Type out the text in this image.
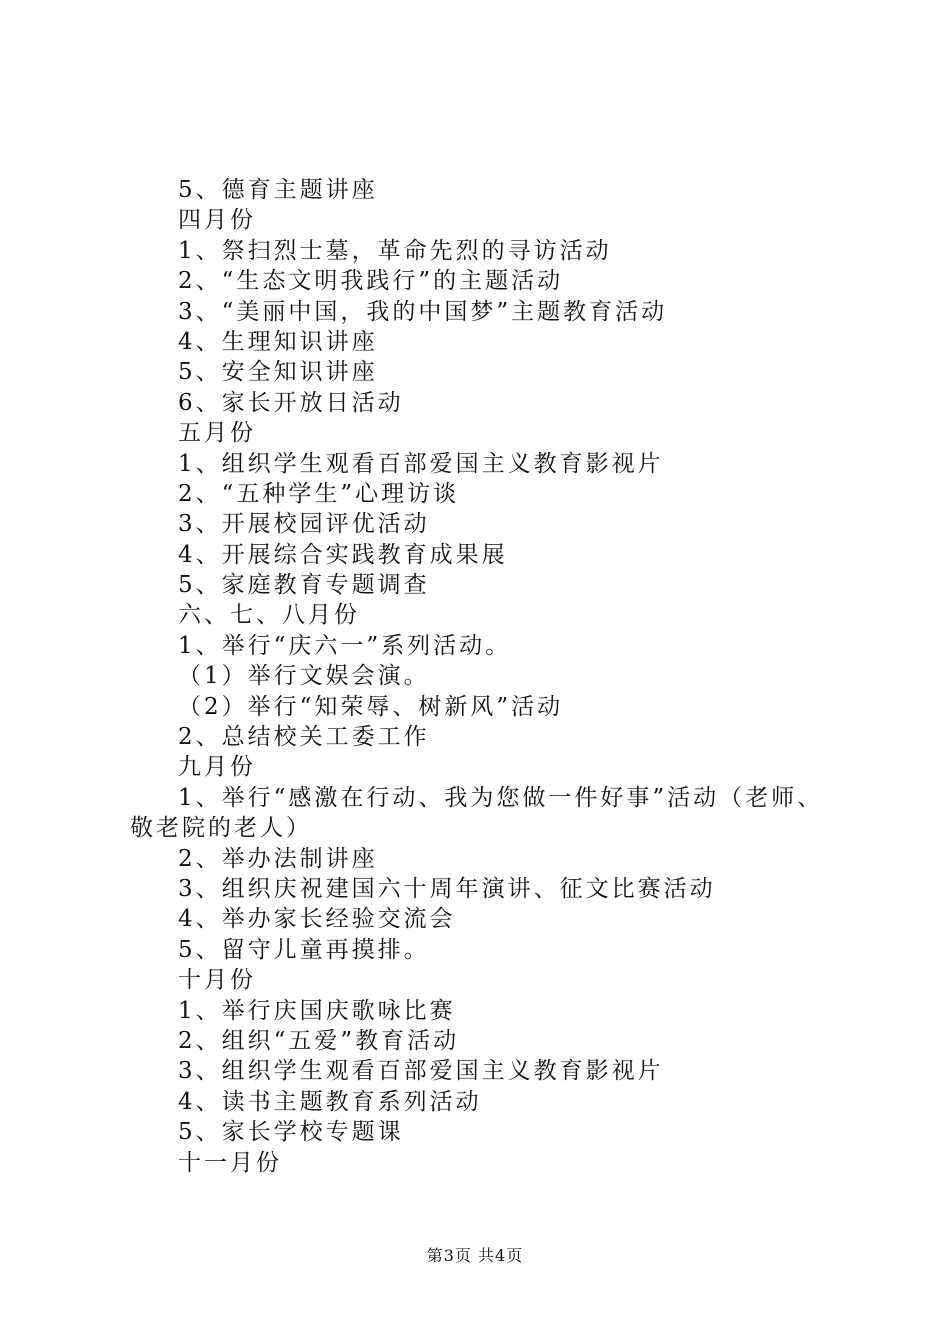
5、德育主题讲座
四月份
1、祭扫烈士墓，革命先烈的寻访活动
2、“生态文明我践行”的主题活动
3、“美丽中国，我的中国梦”主题教育活动
4、生理知识讲座
5、安全知识讲座
6、家长开放日活动
五月份
1、组织学生观看百部爱国主义教育影视片
2、“五种学生”心理访谈
3、开展校园评优活动
4、开展综合实践教育成果展
5、家庭教育专题调查
六、七、八月份
1、举行“庆六一”系列活动。
（1）举行文娱会演。
（2）举行“知荣辱、树新风”活动
2、总结校关工委工作
九月份
1、举行“感激在行动、我为您做一件好事”活动（老师、
敬老院的老人）
2、举办法制讲座
3、组织庆祝建国六十周年演讲、征文比赛活动
4、举办家长经验交流会
5、留守儿童再摸排。
十月份
1、举行庆国庆歌咏比赛
2、组织“五爱”教育活动
3、组织学生观看百部爱国主义教育影视片
4、读书主题教育系列活动
5、家长学校专题课
十一月份
第3页 共4页
